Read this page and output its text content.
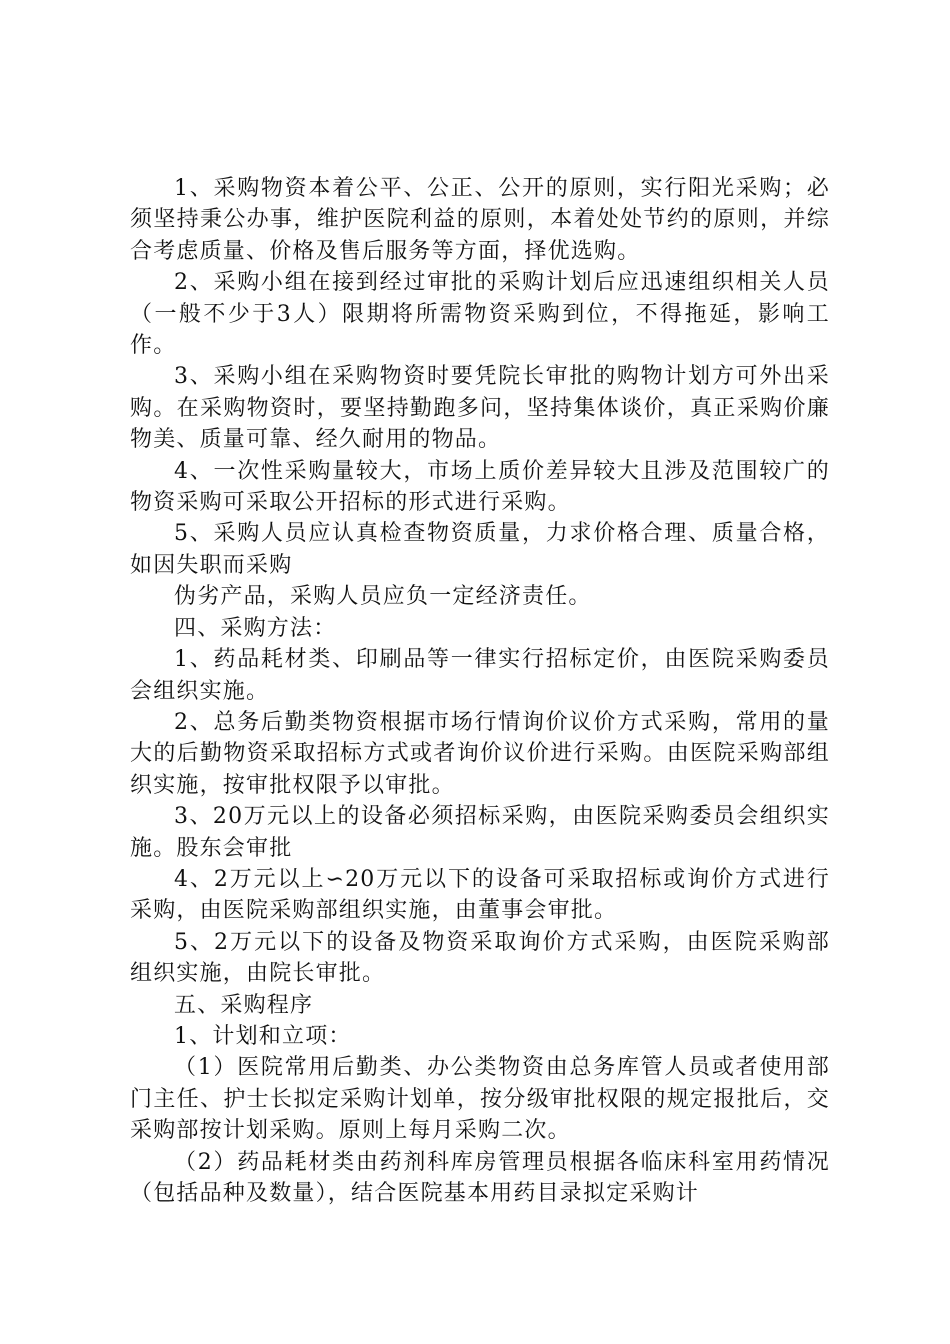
1、采购物资本着公平、公正、公开的原则，实行阳光采购；必须坚持秉公办事，维护医院利益的原则，本着处处节约的原则，并综合考虑质量、价格及售后服务等方面，择优选购。

2、采购小组在接到经过审批的采购计划后应迅速组织相关人员（一般不少于3人）限期将所需物资采购到位，不得拖延，影响工作。

3、采购小组在采购物资时要凭院长审批的购物计划方可外出采购。在采购物资时，要坚持勤跑多问，坚持集体谈价，真正采购价廉物美、质量可靠、经久耐用的物品。

4、一次性采购量较大，市场上质价差异较大且涉及范围较广的物资采购可采取公开招标的形式进行采购。

5、采购人员应认真检查物资质量，力求价格合理、质量合格，如因失职而采购

伪劣产品，采购人员应负一定经济责任。

四、采购方法：

1、药品耗材类、印刷品等一律实行招标定价，由医院采购委员会组织实施。

2、总务后勤类物资根据市场行情询价议价方式采购，常用的量大的后勤物资采取招标方式或者询价议价进行采购。由医院采购部组织实施，按审批权限予以审批。

3、20万元以上的设备必须招标采购，由医院采购委员会组织实施。股东会审批

4、2万元以上∽20万元以下的设备可采取招标或询价方式进行采购，由医院采购部组织实施，由董事会审批。

5、2万元以下的设备及物资采取询价方式采购，由医院采购部组织实施，由院长审批。

五、采购程序

1、计划和立项：

（1）医院常用后勤类、办公类物资由总务库管人员或者使用部门主任、护士长拟定采购计划单，按分级审批权限的规定报批后，交采购部按计划采购。原则上每月采购二次。

（2）药品耗材类由药剂科库房管理员根据各临床科室用药情况（包括品种及数量），结合医院基本用药目录拟定采购计
